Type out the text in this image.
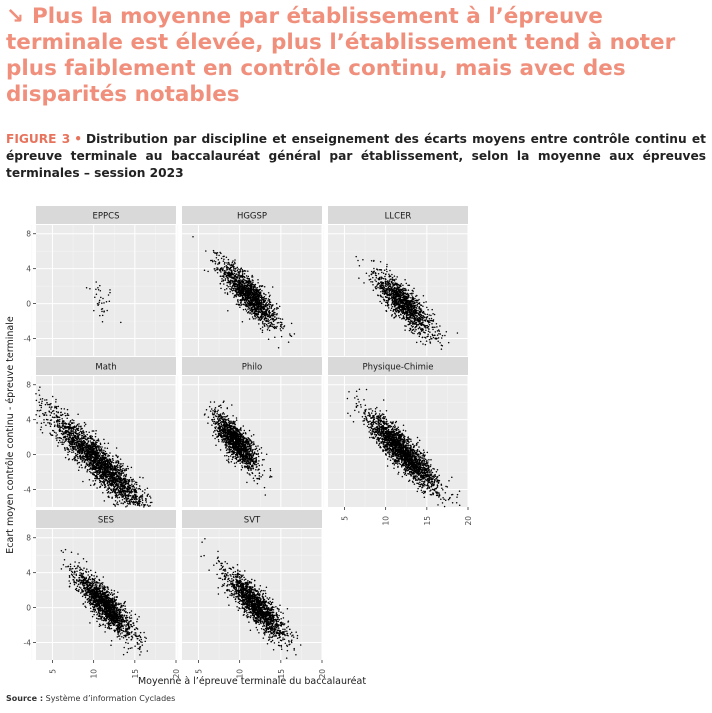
↘ Plus la moyenne par établissement à l’épreuve terminale est élevée, plus l’établissement tend à noter plus faiblement en contrôle continu, mais avec des disparités notables
FIGURE 3 • Distribution par discipline et enseignement des écarts moyens entre contrôle continu et épreuve terminale au baccalauréat général par établissement, selon la moyenne aux épreuves terminales – session 2023
EPPCS
-4
0
4
8
HGGSP	LLCER
Math
-4
0
4
8
Philo	Physique-Chimie
5	10	15	20
SES
-4
0
4
8
5	10	15	20
SVT
5	10	15	20
Moyenne à l’épreuve terminale du baccalauréat
Ecart moyen contrôle continu - épreuve terminale
Source : Système d’information Cyclades
